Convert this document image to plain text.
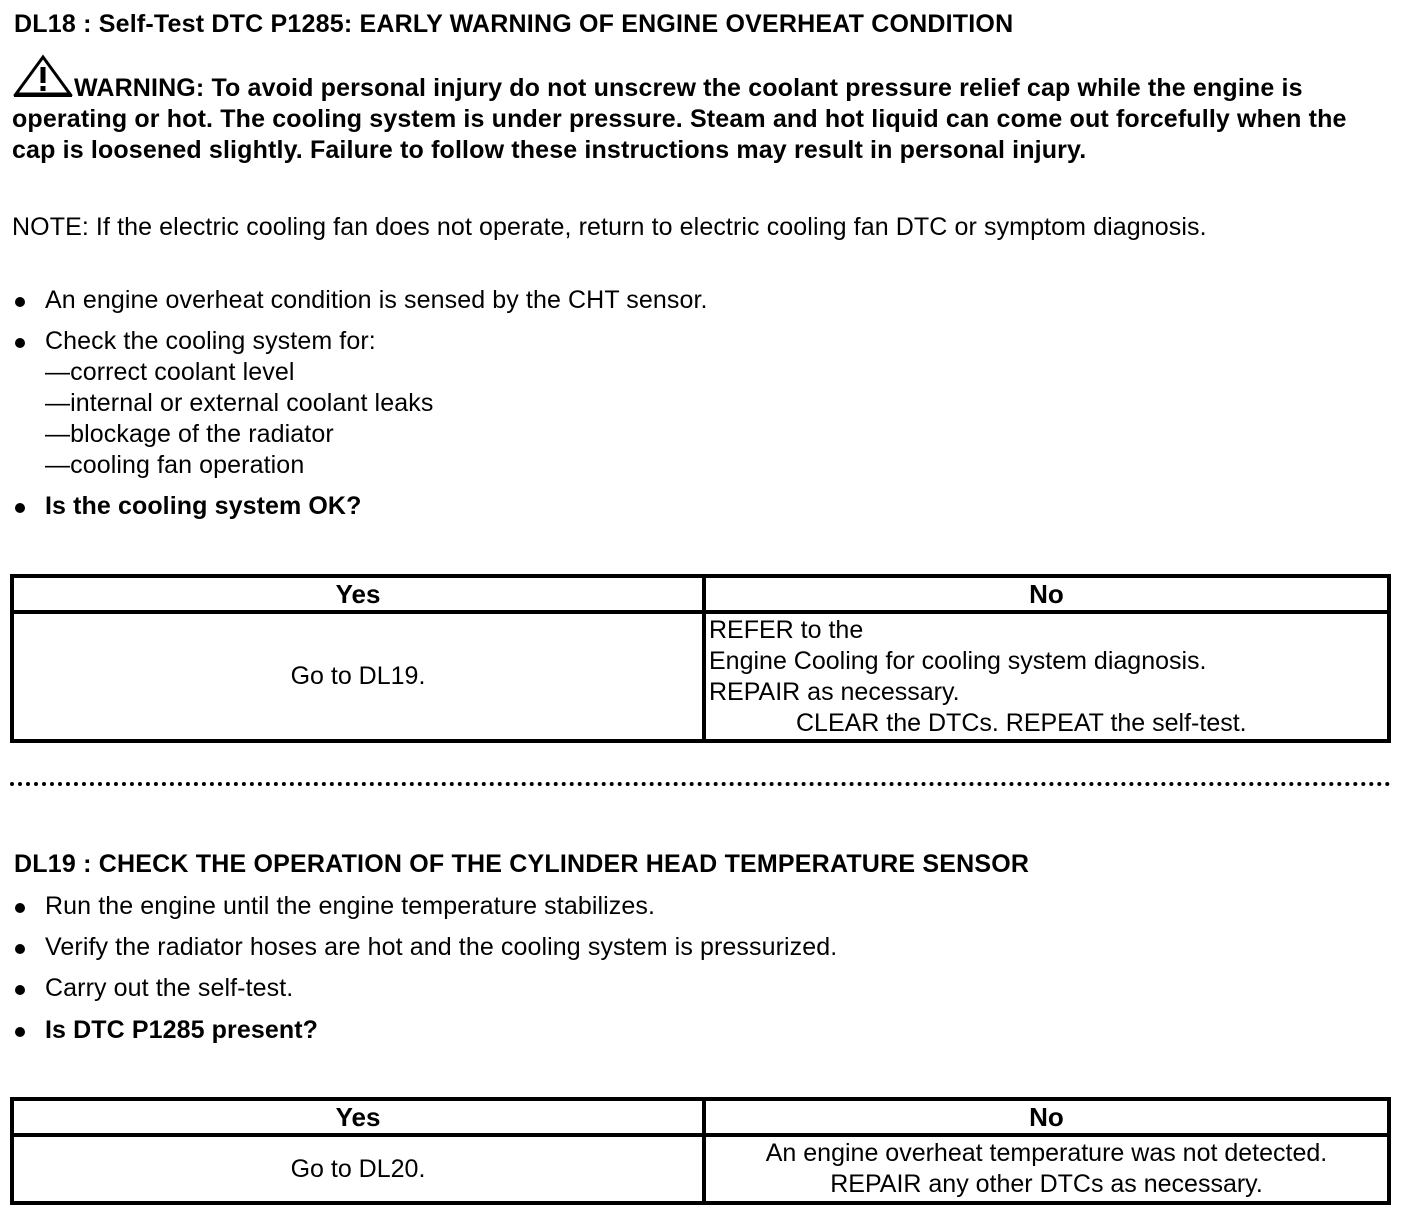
DL18 : Self-Test DTC P1285: EARLY WARNING OF ENGINE OVERHEAT CONDITION
WARNING: To avoid personal injury do not unscrew the coolant pressure relief cap while the engine is operating or hot. The cooling system is under pressure. Steam and hot liquid can come out forcefully when the cap is loosened slightly. Failure to follow these instructions may result in personal injury.
NOTE: If the electric cooling fan does not operate, return to electric cooling fan DTC or symptom diagnosis.
An engine overheat condition is sensed by the CHT sensor.
Check the cooling system for:
—correct coolant level
—internal or external coolant leaks
—blockage of the radiator
—cooling fan operation
Is the cooling system OK?
Yes	No
Go to DL19.	REFER to the
Engine Cooling for cooling system diagnosis.
REPAIR as necessary.
CLEAR the DTCs. REPEAT the self-test.
DL19 : CHECK THE OPERATION OF THE CYLINDER HEAD TEMPERATURE SENSOR
Run the engine until the engine temperature stabilizes.
Verify the radiator hoses are hot and the cooling system is pressurized.
Carry out the self-test.
Is DTC P1285 present?
Yes	No
Go to DL20.	An engine overheat temperature was not detected.
REPAIR any other DTCs as necessary.
